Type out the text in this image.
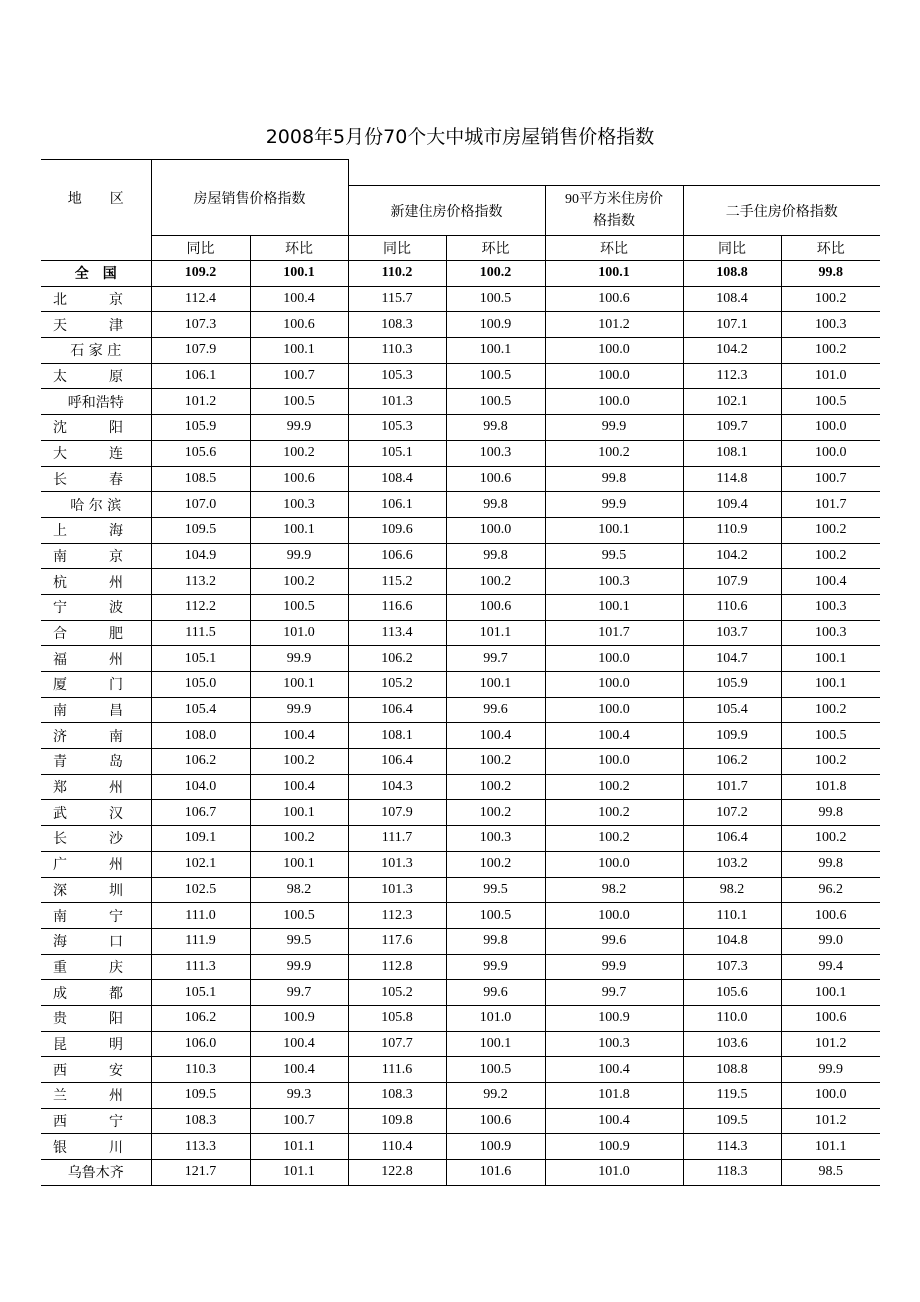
2008年5月份70个大中城市房屋销售价格指数
地　　区	房屋销售价格指数						
			新建住房价格指数		90平方米住房价格指数	二手住房价格指数	
	同比	环比	同比	环比	环比	同比	环比
全　国	109.2	100.1	110.2	100.2	100.1	108.8	99.8
北　　　京	112.4	100.4	115.7	100.5	100.6	108.4	100.2
天　　　津	107.3	100.6	108.3	100.9	101.2	107.1	100.3
石 家 庄	107.9	100.1	110.3	100.1	100.0	104.2	100.2
太　　　原	106.1	100.7	105.3	100.5	100.0	112.3	101.0
呼和浩特	101.2	100.5	101.3	100.5	100.0	102.1	100.5
沈　　　阳	105.9	99.9	105.3	99.8	99.9	109.7	100.0
大　　　连	105.6	100.2	105.1	100.3	100.2	108.1	100.0
长　　　春	108.5	100.6	108.4	100.6	99.8	114.8	100.7
哈 尔 滨	107.0	100.3	106.1	99.8	99.9	109.4	101.7
上　　　海	109.5	100.1	109.6	100.0	100.1	110.9	100.2
南　　　京	104.9	99.9	106.6	99.8	99.5	104.2	100.2
杭　　　州	113.2	100.2	115.2	100.2	100.3	107.9	100.4
宁　　　波	112.2	100.5	116.6	100.6	100.1	110.6	100.3
合　　　肥	111.5	101.0	113.4	101.1	101.7	103.7	100.3
福　　　州	105.1	99.9	106.2	99.7	100.0	104.7	100.1
厦　　　门	105.0	100.1	105.2	100.1	100.0	105.9	100.1
南　　　昌	105.4	99.9	106.4	99.6	100.0	105.4	100.2
济　　　南	108.0	100.4	108.1	100.4	100.4	109.9	100.5
青　　　岛	106.2	100.2	106.4	100.2	100.0	106.2	100.2
郑　　　州	104.0	100.4	104.3	100.2	100.2	101.7	101.8
武　　　汉	106.7	100.1	107.9	100.2	100.2	107.2	99.8
长　　　沙	109.1	100.2	111.7	100.3	100.2	106.4	100.2
广　　　州	102.1	100.1	101.3	100.2	100.0	103.2	99.8
深　　　圳	102.5	98.2	101.3	99.5	98.2	98.2	96.2
南　　　宁	111.0	100.5	112.3	100.5	100.0	110.1	100.6
海　　　口	111.9	99.5	117.6	99.8	99.6	104.8	99.0
重　　　庆	111.3	99.9	112.8	99.9	99.9	107.3	99.4
成　　　都	105.1	99.7	105.2	99.6	99.7	105.6	100.1
贵　　　阳	106.2	100.9	105.8	101.0	100.9	110.0	100.6
昆　　　明	106.0	100.4	107.7	100.1	100.3	103.6	101.2
西　　　安	110.3	100.4	111.6	100.5	100.4	108.8	99.9
兰　　　州	109.5	99.3	108.3	99.2	101.8	119.5	100.0
西　　　宁	108.3	100.7	109.8	100.6	100.4	109.5	101.2
银　　　川	113.3	101.1	110.4	100.9	100.9	114.3	101.1
乌鲁木齐	121.7	101.1	122.8	101.6	101.0	118.3	98.5
